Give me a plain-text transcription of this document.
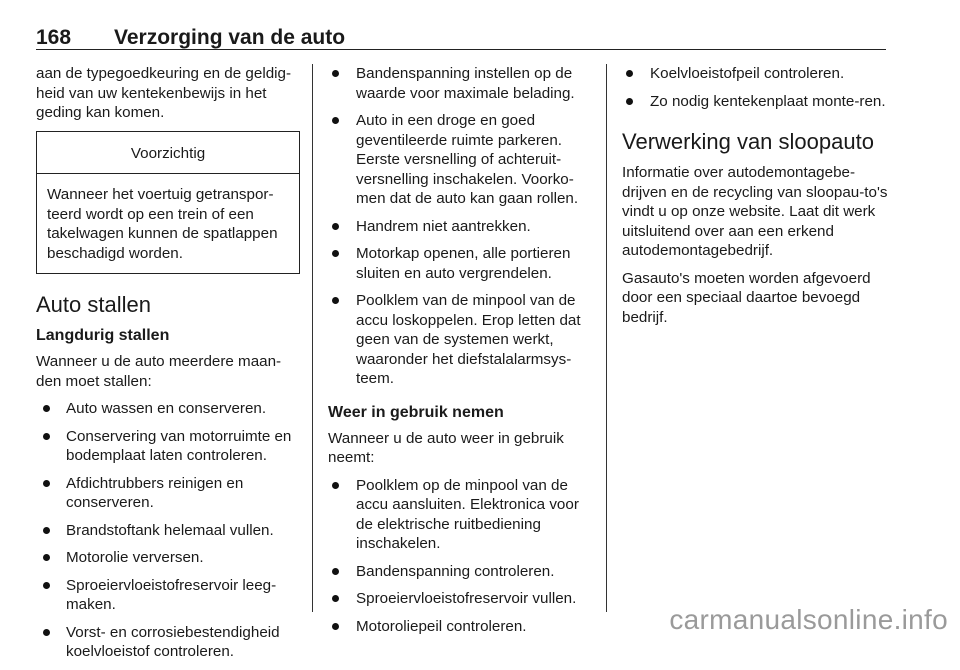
168 Verzorging van de auto

aan de typegoedkeuring en de geldig-heid van uw kentekenbewijs in het geding kan komen.

Voorzichtig
Wanneer het voertuig getranspor-teerd wordt op een trein of een takelwagen kunnen de spatlappen beschadigd worden.
Auto stallen
Langdurig stallen

Wanneer u de auto meerdere maan-den moet stallen:

Auto wassen en conserveren.
Conservering van motorruimte en bodemplaat laten controleren.
Afdichtrubbers reinigen en conserveren.
Brandstoftank helemaal vullen.
Motorolie verversen.
Sproeiervloeistofreservoir leeg-maken.
Vorst- en corrosiebestendigheid koelvloeistof controleren.
Bandenspanning instellen op de waarde voor maximale belading.
Auto in een droge en goed geventileerde ruimte parkeren. Eerste versnelling of achteruit-versnelling inschakelen. Voorko-men dat de auto kan gaan rollen.
Handrem niet aantrekken.
Motorkap openen, alle portieren sluiten en auto vergrendelen.
Poolklem van de minpool van de accu loskoppelen. Erop letten dat geen van de systemen werkt, waaronder het diefstalalarmsys-teem.
Weer in gebruik nemen

Wanneer u de auto weer in gebruik neemt:

Poolklem op de minpool van de accu aansluiten. Elektronica voor de elektrische ruitbediening inschakelen.
Bandenspanning controleren.
Sproeiervloeistofreservoir vullen.
Motoroliepeil controleren.
Koelvloeistofpeil controleren.
Zo nodig kentekenplaat monte-ren.
Verwerking van sloopauto

Informatie over autodemontagebe-drijven en de recycling van sloopau-to's vindt u op onze website. Laat dit werk uitsluitend over aan een erkend autodemontagebedrijf.

Gasauto's moeten worden afgevoerd door een speciaal daartoe bevoegd bedrijf.

carmanualsonline.info
